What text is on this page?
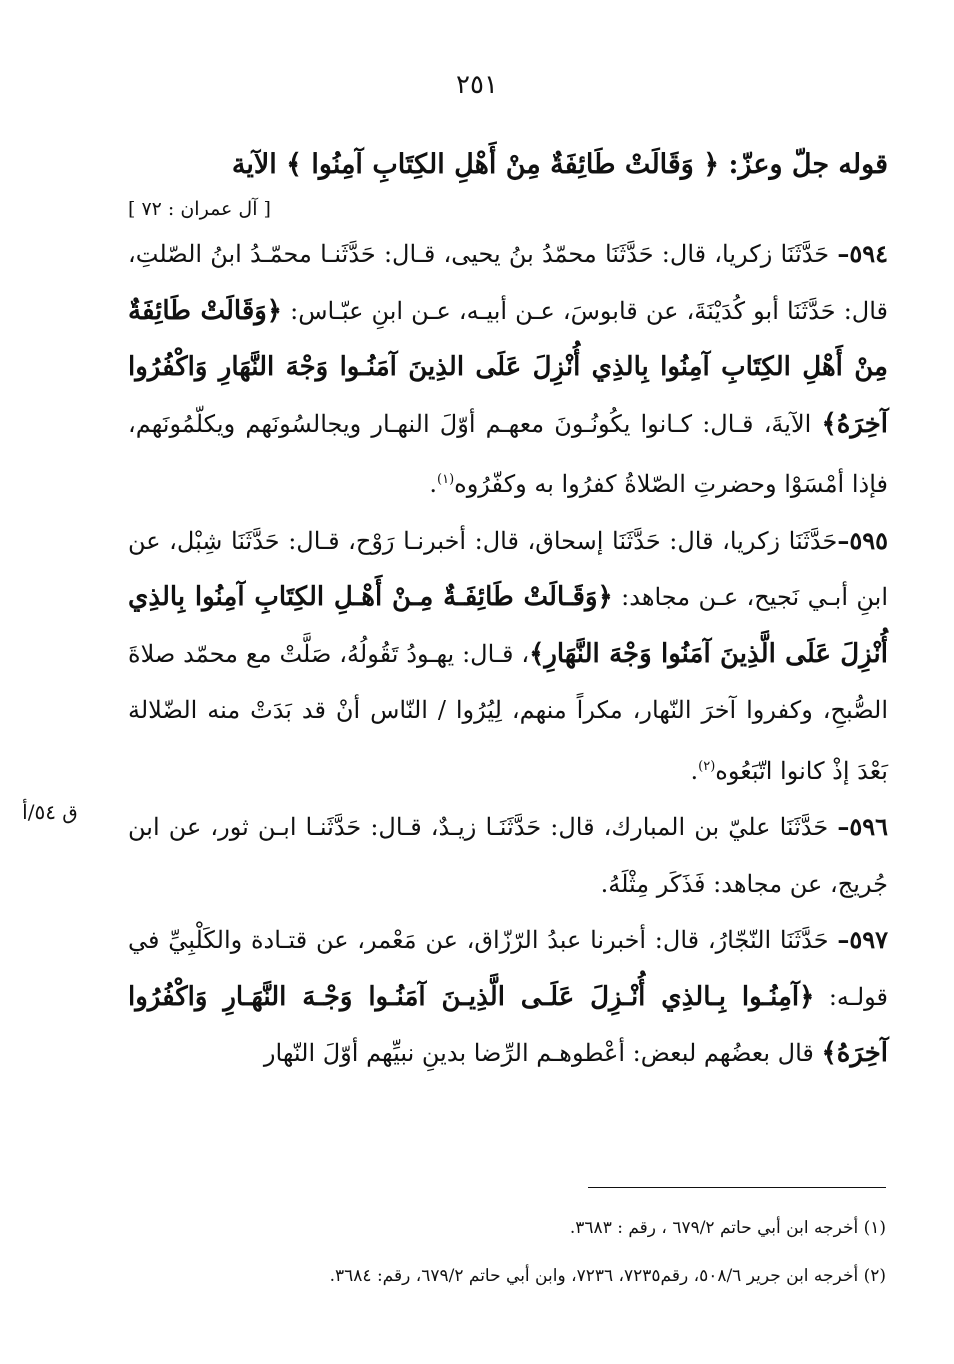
٢٥١

قوله جلّ وعزّ: ﴿ وَقَالَتْ طَائِفَةٌ مِنْ أَهْلِ الكِتَابِ آمِنُوا ﴾ الآية

[ آل عمران : ٧٢ ]

٥٩٤– حَدَّثَنَا زكريا، قال: حَدَّثَنَا محمّدُ بنُ يحيى، قـال: حَدَّثَنـا محمّـدُ ابنُ الصّلتِ، قال: حَدَّثَنَا أبو كُدَيْنَةَ، عن قابوسَ، عـن أبيـه، عـن ابنِ عبّـاس: ﴿وَقَالَتْ طَائِفَةٌ مِنْ أَهْلِ الكِتَابِ آمِنُوا بِالذِي أُنْزِلَ عَلَى الذِينَ آمَنُـوا وَجْهَ النَّهَارِ وَاكْفُرُوا آخِرَهُ﴾ الآيةَ، قـال: كـانوا يكُونُـونَ معهـم أوّلَ النهـار ويجالسُونَهم ويكلّمُونَهم، فإذا أمْسَوْا وحضرتِ الصّلاةُ كفرُوا به وكفّرُوه$^{(١)}$.

٥٩٥–حَدَّثَنَا زكريا، قال: حَدَّثَنَا إسحاق، قال: أخبرنـا رَوْح، قـال: حَدَّثَنَا شِبْل، عن ابنِ أبـي نَجيح، عـن مجاهد: ﴿وَقَـالَتْ طَائِفَـةٌ مِـنْ أَهْـلِ الكِتَابِ آمِنُوا بِالذِي أُنْزِلَ عَلَى الَّذِينَ آمَنُوا وَجْهَ النَّهَارِ﴾، قـال: يهـودُ تَقُولُهُ، صَلَّتْ مع محمّد صلاةَ الصُّبحِ، وكفروا آخرَ النّهار، مكراً منهم، لِيُرُوا / النّاس أنْ قد بَدَتْ منه الضّلالة بَعْدَ إذْ كانوا اتّبَعُوه$^{(٢)}$.

٥٩٦– حَدَّثَنَا عليّ بن المبارك، قال: حَدَّثَنَـا زيـدٌ، قـال: حَدَّثَنـا ابـن ثور، عن ابن جُريج، عن مجاهد: فَذَكَر مِثْلَهُ.

٥٩٧– حَدَّثَنَا النّجّارُ، قال: أخبرنا عبدُ الرّزّاق، عن مَعْمر، عن قتـادة والكَلْبِيِّ في قولـه: ﴿آمِنُـوا بِـالذِي أُنْـزِلَ عَلَـى الَّذِيـنَ آمَنُـوا وَجْـهَ النَّهَـارِ وَاكْفُرُوا آخِرَهُ﴾ قال بعضُهم لبعض: أعْطوهـم الرِّضا بدينِ نبيِّهم أوّلَ النّهار

ق ٥٤/أ

(١) أخرجه ابن أبي حاتم ٦٧٩/٢ ، رقم : ٣٦٨٣.

(٢) أخرجه ابن جرير ٥٠٨/٦، رقم٧٢٣٥، ٧٢٣٦، وابن أبي حاتم ٦٧٩/٢، رقم: ٣٦٨٤.
